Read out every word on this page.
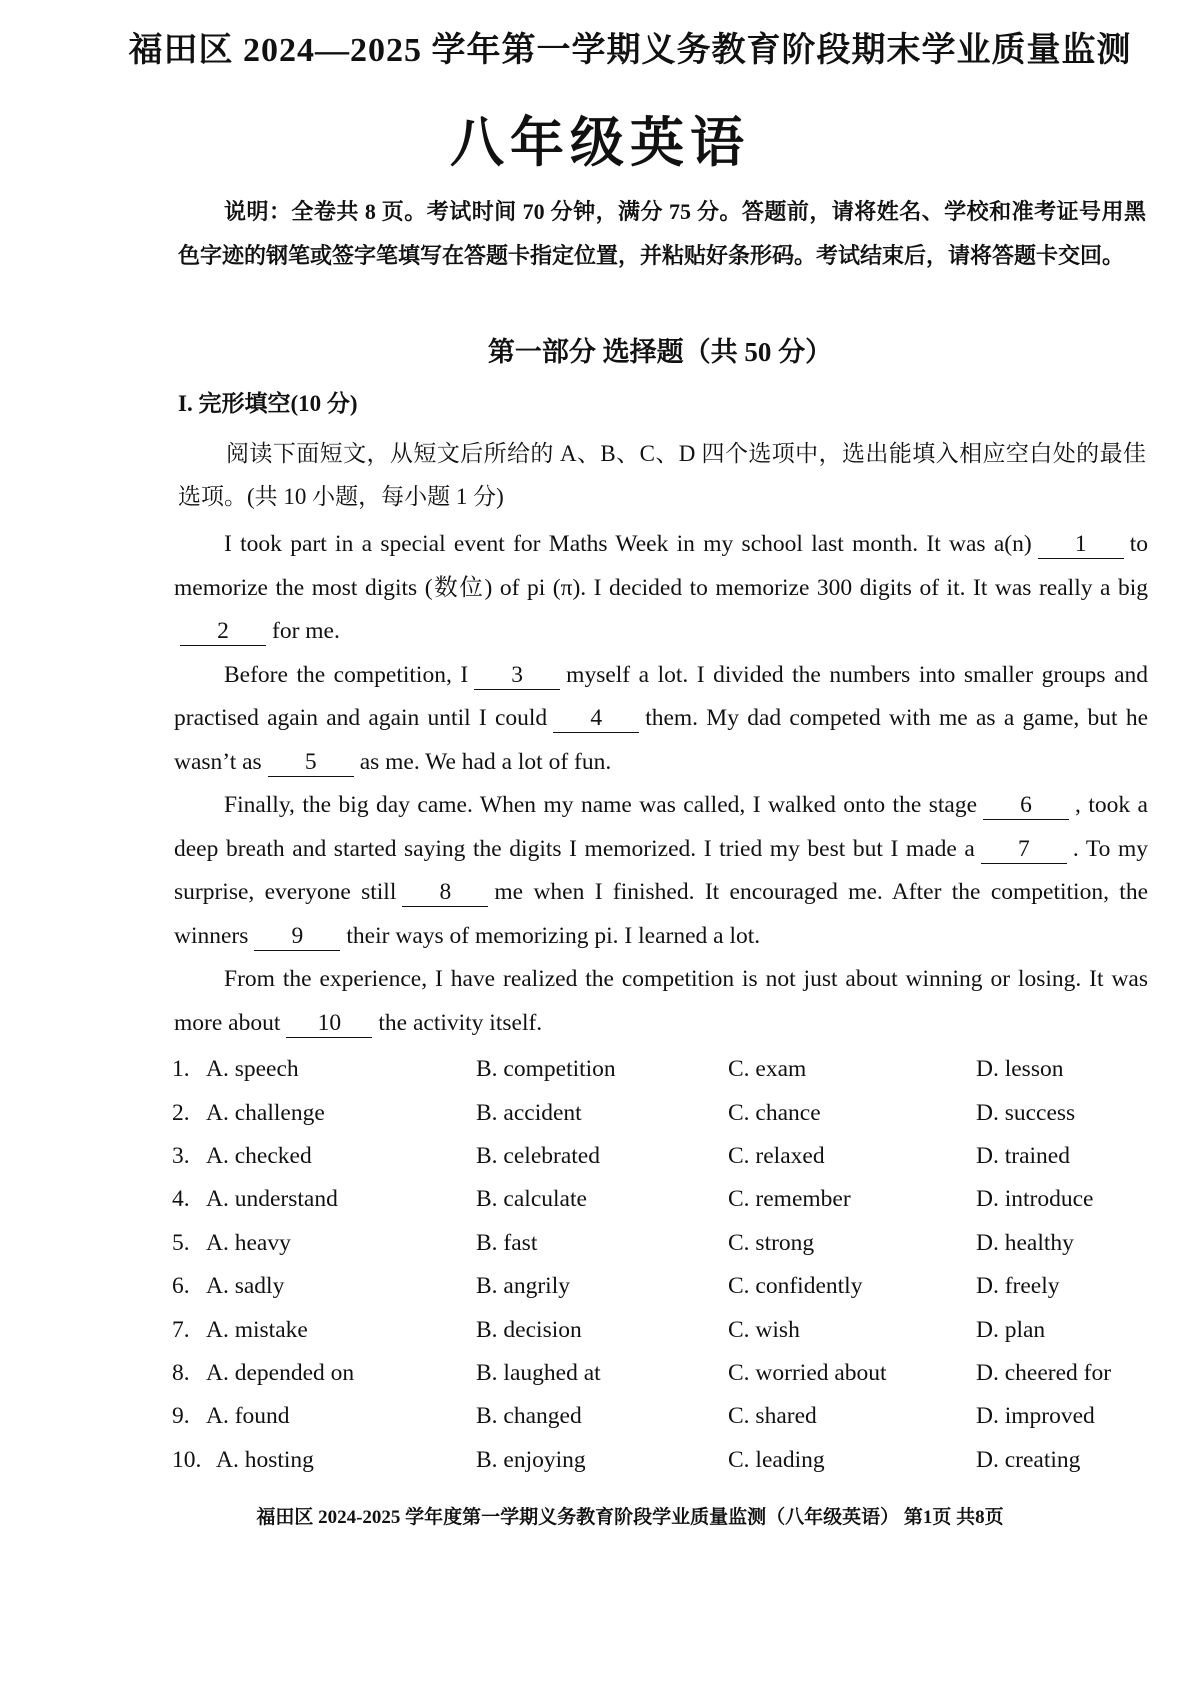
福田区 2024—2025 学年第一学期义务教育阶段期末学业质量监测
八年级英语
说明：全卷共 8 页。考试时间 70 分钟，满分 75 分。答题前，请将姓名、学校和准考证号用黑色字迹的钢笔或签字笔填写在答题卡指定位置，并粘贴好条形码。考试结束后，请将答题卡交回。
第一部分 选择题（共 50 分）
I. 完形填空(10 分)
阅读下面短文，从短文后所给的 A、B、C、D 四个选项中，选出能填入相应空白处的最佳选项。(共 10 小题，每小题 1 分)

I took part in a special event for Maths Week in my school last month. It was a(n) 1 to memorize the most digits (数位) of pi (π). I decided to memorize 300 digits of it. It was really a big2 for me.

Before the competition, I 3 myself a lot. I divided the numbers into smaller groups and practised again and again until I could 4 them. My dad competed with me as a game, but he wasn’t as 5 as me. We had a lot of fun.

Finally, the big day came. When my name was called, I walked onto the stage 6 , took a deep breath and started saying the digits I memorized. I tried my best but I made a 7 . To my surprise, everyone still 8 me when I finished. It encouraged me. After the competition, the winners 9 their ways of memorizing pi. I learned a lot.

From the experience, I have realized the competition is not just about winning or losing. It was more about 10 the activity itself.

1. A. speech	B. competition	C. exam	D. lesson
2. A. challenge	B. accident	C. chance	D. success
3. A. checked	B. celebrated	C. relaxed	D. trained
4. A. understand	B. calculate	C. remember	D. introduce
5. A. heavy	B. fast	C. strong	D. healthy
6. A. sadly	B. angrily	C. confidently	D. freely
7. A. mistake	B. decision	C. wish	D. plan
8. A. depended on	B. laughed at	C. worried about	D. cheered for
9. A. found	B. changed	C. shared	D. improved
10. A. hosting	B. enjoying	C. leading	D. creating
福田区 2024-2025 学年度第一学期义务教育阶段学业质量监测（八年级英语） 第1页 共8页
